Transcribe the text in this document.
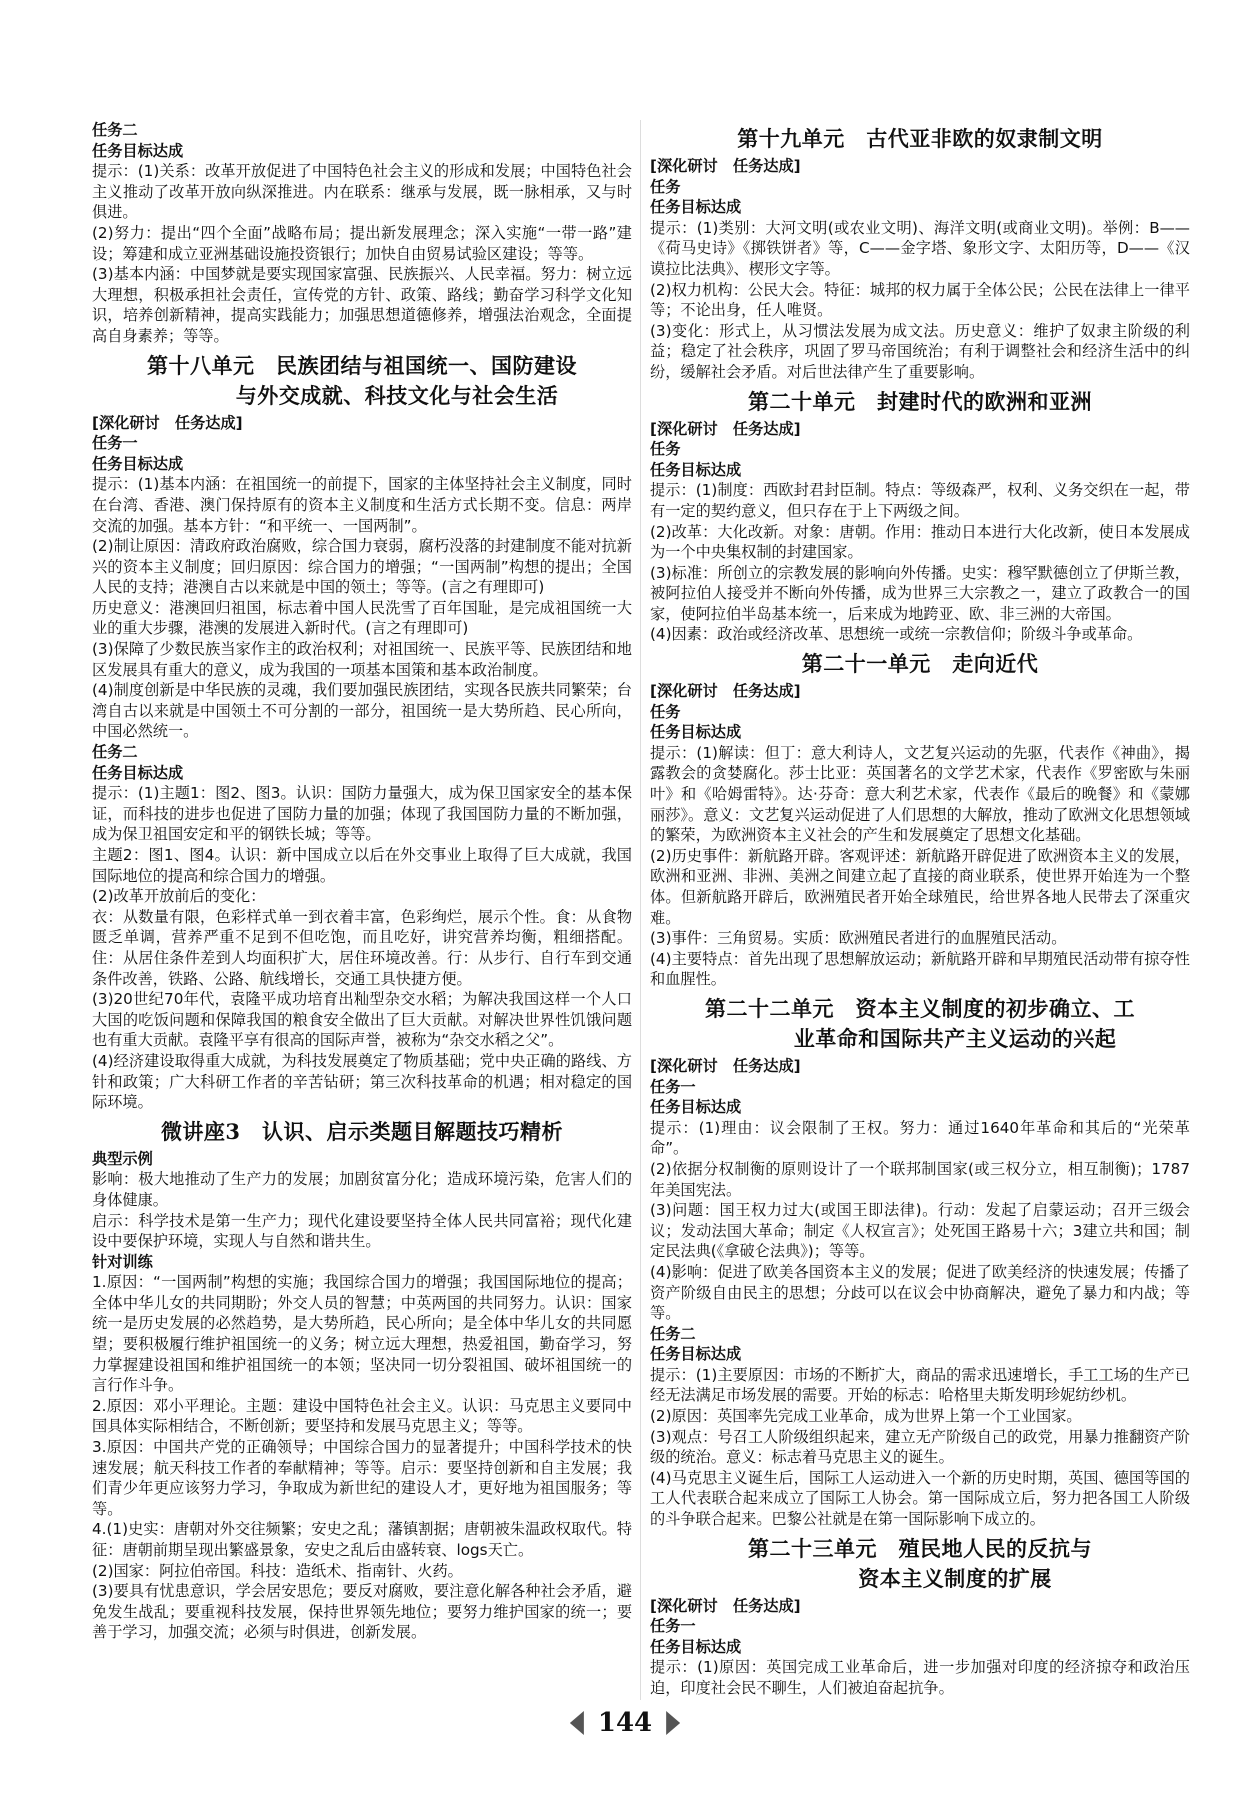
任务二

任务目标达成

提示：(1)关系：改革开放促进了中国特色社会主义的形成和发展；中国特色社会主义推动了改革开放向纵深推进。内在联系：继承与发展，既一脉相承，又与时俱进。

(2)努力：提出“四个全面”战略布局；提出新发展理念；深入实施“一带一路”建设；筹建和成立亚洲基础设施投资银行；加快自由贸易试验区建设；等等。

(3)基本内涵：中国梦就是要实现国家富强、民族振兴、人民幸福。努力：树立远大理想，积极承担社会责任，宣传党的方针、政策、路线；勤奋学习科学文化知识，培养创新精神，提高实践能力；加强思想道德修养，增强法治观念，全面提高自身素养；等等。

第十八单元　民族团结与祖国统一、国防建设
与外交成就、科技文化与社会生活

[深化研讨　任务达成]

任务一

任务目标达成

提示：(1)基本内涵：在祖国统一的前提下，国家的主体坚持社会主义制度，同时在台湾、香港、澳门保持原有的资本主义制度和生活方式长期不变。信息：两岸交流的加强。基本方针：“和平统一、一国两制”。

(2)制让原因：清政府政治腐败，综合国力衰弱，腐朽没落的封建制度不能对抗新兴的资本主义制度；回归原因：综合国力的增强；“一国两制”构想的提出；全国人民的支持；港澳自古以来就是中国的领土；等等。(言之有理即可)

历史意义：港澳回归祖国，标志着中国人民洗雪了百年国耻，是完成祖国统一大业的重大步骤，港澳的发展进入新时代。(言之有理即可)

(3)保障了少数民族当家作主的政治权利；对祖国统一、民族平等、民族团结和地区发展具有重大的意义，成为我国的一项基本国策和基本政治制度。

(4)制度创新是中华民族的灵魂，我们要加强民族团结，实现各民族共同繁荣；台湾自古以来就是中国领土不可分割的一部分，祖国统一是大势所趋、民心所向，中国必然统一。

任务二

任务目标达成

提示：(1)主题1：图2、图3。认识：国防力量强大，成为保卫国家安全的基本保证，而科技的进步也促进了国防力量的加强；体现了我国国防力量的不断加强，成为保卫祖国安定和平的钢铁长城；等等。

主题2：图1、图4。认识：新中国成立以后在外交事业上取得了巨大成就，我国国际地位的提高和综合国力的增强。

(2)改革开放前后的变化：

衣：从数量有限，色彩样式单一到衣着丰富，色彩绚烂，展示个性。食：从食物匮乏单调，营养严重不足到不但吃饱，而且吃好，讲究营养均衡，粗细搭配。住：从居住条件差到人均面积扩大，居住环境改善。行：从步行、自行车到交通条件改善，铁路、公路、航线增长，交通工具快捷方便。

(3)20世纪70年代，袁隆平成功培育出籼型杂交水稻；为解决我国这样一个人口大国的吃饭问题和保障我国的粮食安全做出了巨大贡献。对解决世界性饥饿问题也有重大贡献。袁隆平享有很高的国际声誉，被称为“杂交水稻之父”。

(4)经济建设取得重大成就，为科技发展奠定了物质基础；党中央正确的路线、方针和政策；广大科研工作者的辛苦钻研；第三次科技革命的机遇；相对稳定的国际环境。

微讲座3　认识、启示类题目解题技巧精析

典型示例

影响：极大地推动了生产力的发展；加剧贫富分化；造成环境污染，危害人们的身体健康。

启示：科学技术是第一生产力；现代化建设要坚持全体人民共同富裕；现代化建设中要保护环境，实现人与自然和谐共生。

针对训练

1.原因：“一国两制”构想的实施；我国综合国力的增强；我国国际地位的提高；全体中华儿女的共同期盼；外交人员的智慧；中英两国的共同努力。认识：国家统一是历史发展的必然趋势，是大势所趋，民心所向；是全体中华儿女的共同愿望；要积极履行维护祖国统一的义务；树立远大理想，热爱祖国，勤奋学习，努力掌握建设祖国和维护祖国统一的本领；坚决同一切分裂祖国、破坏祖国统一的言行作斗争。

2.原因：邓小平理论。主题：建设中国特色社会主义。认识：马克思主义要同中国具体实际相结合，不断创新；要坚持和发展马克思主义；等等。

3.原因：中国共产党的正确领导；中国综合国力的显著提升；中国科学技术的快速发展；航天科技工作者的奉献精神；等等。启示：要坚持创新和自主发展；我们青少年更应该努力学习，争取成为新世纪的建设人才，更好地为祖国服务；等等。

4.(1)史实：唐朝对外交往频繁；安史之乱；藩镇割据；唐朝被朱温政权取代。特征：唐朝前期呈现出繁盛景象，安史之乱后由盛转衰、logs天亡。

(2)国家：阿拉伯帝国。科技：造纸术、指南针、火药。

(3)要具有忧患意识，学会居安思危；要反对腐败，要注意化解各种社会矛盾，避免发生战乱；要重视科技发展，保持世界领先地位；要努力维护国家的统一；要善于学习，加强交流；必须与时俱进，创新发展。

第十九单元　古代亚非欧的奴隶制文明

[深化研讨　任务达成]

任务

任务目标达成

提示：(1)类别：大河文明(或农业文明)、海洋文明(或商业文明)。举例：B——《荷马史诗》《掷铁饼者》等，C——金字塔、象形文字、太阳历等，D——《汉谟拉比法典》、楔形文字等。

(2)权力机构：公民大会。特征：城邦的权力属于全体公民；公民在法律上一律平等；不论出身，任人唯贤。

(3)变化：形式上，从习惯法发展为成文法。历史意义：维护了奴隶主阶级的利益；稳定了社会秩序，巩固了罗马帝国统治；有利于调整社会和经济生活中的纠纷，缓解社会矛盾。对后世法律产生了重要影响。

第二十单元　封建时代的欧洲和亚洲

[深化研讨　任务达成]

任务

任务目标达成

提示：(1)制度：西欧封君封臣制。特点：等级森严，权利、义务交织在一起，带有一定的契约意义，但只存在于上下两级之间。

(2)改革：大化改新。对象：唐朝。作用：推动日本进行大化改新，使日本发展成为一个中央集权制的封建国家。

(3)标准：所创立的宗教发展的影响向外传播。史实：穆罕默德创立了伊斯兰教，被阿拉伯人接受并不断向外传播，成为世界三大宗教之一，建立了政教合一的国家，使阿拉伯半岛基本统一，后来成为地跨亚、欧、非三洲的大帝国。

(4)因素：政治或经济改革、思想统一或统一宗教信仰；阶级斗争或革命。

第二十一单元　走向近代

[深化研讨　任务达成]

任务

任务目标达成

提示：(1)解读：但丁：意大利诗人，文艺复兴运动的先驱，代表作《神曲》，揭露教会的贪婪腐化。莎士比亚：英国著名的文学艺术家，代表作《罗密欧与朱丽叶》和《哈姆雷特》。达·芬奇：意大利艺术家，代表作《最后的晚餐》和《蒙娜丽莎》。意义：文艺复兴运动促进了人们思想的大解放，推动了欧洲文化思想领域的繁荣，为欧洲资本主义社会的产生和发展奠定了思想文化基础。

(2)历史事件：新航路开辟。客观评述：新航路开辟促进了欧洲资本主义的发展，欧洲和亚洲、非洲、美洲之间建立起了直接的商业联系，使世界开始连为一个整体。但新航路开辟后，欧洲殖民者开始全球殖民，给世界各地人民带去了深重灾难。

(3)事件：三角贸易。实质：欧洲殖民者进行的血腥殖民活动。

(4)主要特点：首先出现了思想解放运动；新航路开辟和早期殖民活动带有掠夺性和血腥性。

第二十二单元　资本主义制度的初步确立、工
业革命和国际共产主义运动的兴起

[深化研讨　任务达成]

任务一

任务目标达成

提示：(1)理由：议会限制了王权。努力：通过1640年革命和其后的“光荣革命”。

(2)依据分权制衡的原则设计了一个联邦制国家(或三权分立，相互制衡)；1787年美国宪法。

(3)问题：国王权力过大(或国王即法律)。行动：发起了启蒙运动；召开三级会议；发动法国大革命；制定《人权宣言》；处死国王路易十六；3建立共和国；制定民法典(《拿破仑法典》)；等等。

(4)影响：促进了欧美各国资本主义的发展；促进了欧美经济的快速发展；传播了资产阶级自由民主的思想；分歧可以在议会中协商解决，避免了暴力和内战；等等。

任务二

任务目标达成

提示：(1)主要原因：市场的不断扩大，商品的需求迅速增长，手工工场的生产已经无法满足市场发展的需要。开始的标志：哈格里夫斯发明珍妮纺纱机。

(2)原因：英国率先完成工业革命，成为世界上第一个工业国家。

(3)观点：号召工人阶级组织起来，建立无产阶级自己的政党，用暴力推翻资产阶级的统治。意义：标志着马克思主义的诞生。

(4)马克思主义诞生后，国际工人运动进入一个新的历史时期，英国、德国等国的工人代表联合起来成立了国际工人协会。第一国际成立后，努力把各国工人阶级的斗争联合起来。巴黎公社就是在第一国际影响下成立的。

第二十三单元　殖民地人民的反抗与
资本主义制度的扩展

[深化研讨　任务达成]

任务一

任务目标达成

提示：(1)原因：英国完成工业革命后，进一步加强对印度的经济掠夺和政治压迫，印度社会民不聊生，人们被迫奋起抗争。

144
